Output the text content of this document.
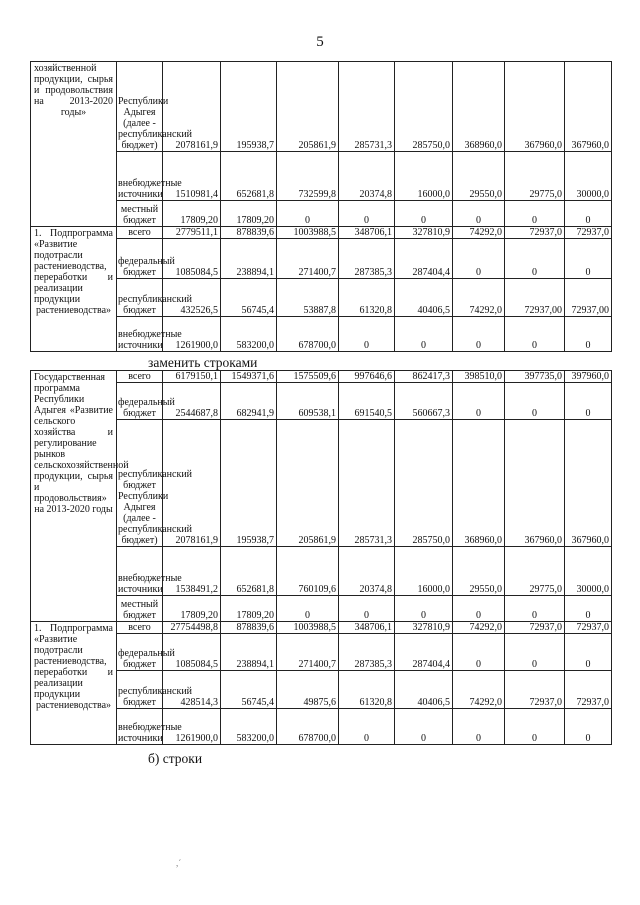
5
хозяйственной продукции, сырья и продовольствия на 2013-2020 годы»	Республики Адыгея (далее - республиканский бюджет)	2078161,9	195938,7	205861,9	285731,3	285750,0	368960,0	367960,0	367960,0
	внебюджетные источники	1510981,4	652681,8	732599,8	20374,8	16000,0	29550,0	29775,0	30000,0
	местный бюджет	17809,20	17809,20	0	0	0	0	0	0
1. Подпрограмма «Развитие подотрасли растениеводства, переработки и реализации продукции растениеводства»	всего	2779511,1	878839,6	1003988,5	348706,1	327810,9	74292,0	72937,0	72937,0
	федеральный бюджет	1085084,5	238894,1	271400,7	287385,3	287404,4	0	0	0
	республиканский бюджет	432526,5	56745,4	53887,8	61320,8	40406,5	74292,0	72937,00	72937,00
	внебюджетные источники	1261900,0	583200,0	678700,0	0	0	0	0	0
заменить строками
Государственная программа Республики Адыгея «Развитие сельского хозяйства и регулирование рынков сельскохозяйственной продукции, сырья и продовольствия» на 2013-2020 годы	всего	6179150,1	1549371,6	1575509,6	997646,6	862417,3	398510,0	397735,0	397960,0
	федеральный бюджет	2544687,8	682941,9	609538,1	691540,5	560667,3	0	0	0
	республиканский бюджет Республики Адыгея (далее - республиканский бюджет)	2078161,9	195938,7	205861,9	285731,3	285750,0	368960,0	367960,0	367960,0
	внебюджетные источники	1538491,2	652681,8	760109,6	20374,8	16000,0	29550,0	29775,0	30000,0
	местный бюджет	17809,20	17809,20	0	0	0	0	0	0
1. Подпрограмма «Развитие подотрасли растениеводства, переработки и реализации продукции растениеводства»	всего	27754498,8	878839,6	1003988,5	348706,1	327810,9	74292,0	72937,0	72937,0
	федеральный бюджет	1085084,5	238894,1	271400,7	287385,3	287404,4	0	0	0
	республиканский бюджет	428514,3	56745,4	49875,6	61320,8	40406,5	74292,0	72937,0	72937,0
	внебюджетные источники	1261900,0	583200,0	678700,0	0	0	0	0	0
б) строки
,´
